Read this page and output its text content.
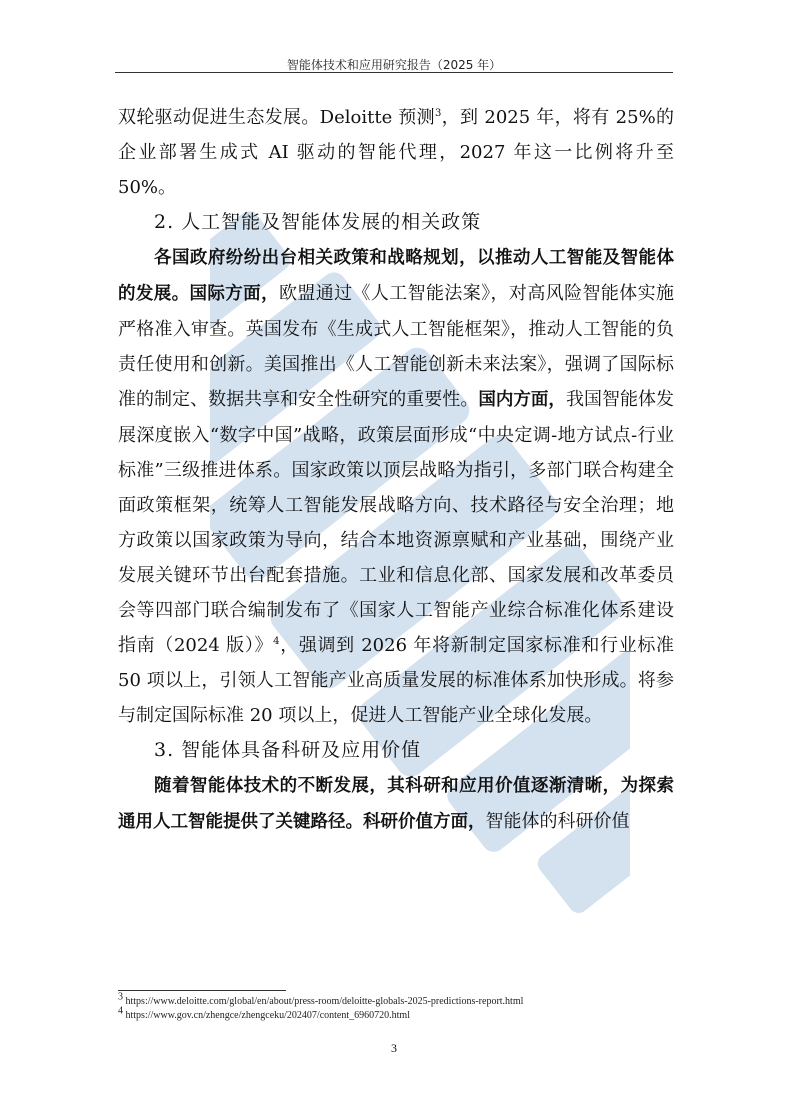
智能体技术和应用研究报告（2025 年）

双轮驱动促进生态发展。Deloitte 预测$^3$，到 2025 年，将有 25%的企业部署生成式 AI 驱动的智能代理，2027 年这一比例将升至 50%。

2. 人工智能及智能体发展的相关政策

各国政府纷纷出台相关政策和战略规划，以推动人工智能及智能体的发展。国际方面，欧盟通过《人工智能法案》，对高风险智能体实施严格准入审查。英国发布《生成式人工智能框架》，推动人工智能的负责任使用和创新。美国推出《人工智能创新未来法案》，强调了国际标准的制定、数据共享和安全性研究的重要性。国内方面，我国智能体发展深度嵌入“数字中国”战略，政策层面形成“中央定调-地方试点-行业标准”三级推进体系。国家政策以顶层战略为指引，多部门联合构建全面政策框架，统筹人工智能发展战略方向、技术路径与安全治理；地方政策以国家政策为导向，结合本地资源禀赋和产业基础，围绕产业发展关键环节出台配套措施。工业和信息化部、国家发展和改革委员会等四部门联合编制发布了《国家人工智能产业综合标准化体系建设指南（2024 版）》$^4$，强调到 2026 年将新制定国家标准和行业标准 50 项以上，引领人工智能产业高质量发展的标准体系加快形成。将参与制定国际标准 20 项以上，促进人工智能产业全球化发展。

3. 智能体具备科研及应用价值

随着智能体技术的不断发展，其科研和应用价值逐渐清晰，为探索通用人工智能提供了关键路径。科研价值方面，智能体的科研价值

$^3$ https://www.deloitte.com/global/en/about/press-room/deloitte-globals-2025-predictions-report.html
$^4$ https://www.gov.cn/zhengce/zhengceku/202407/content_6960720.html
3
